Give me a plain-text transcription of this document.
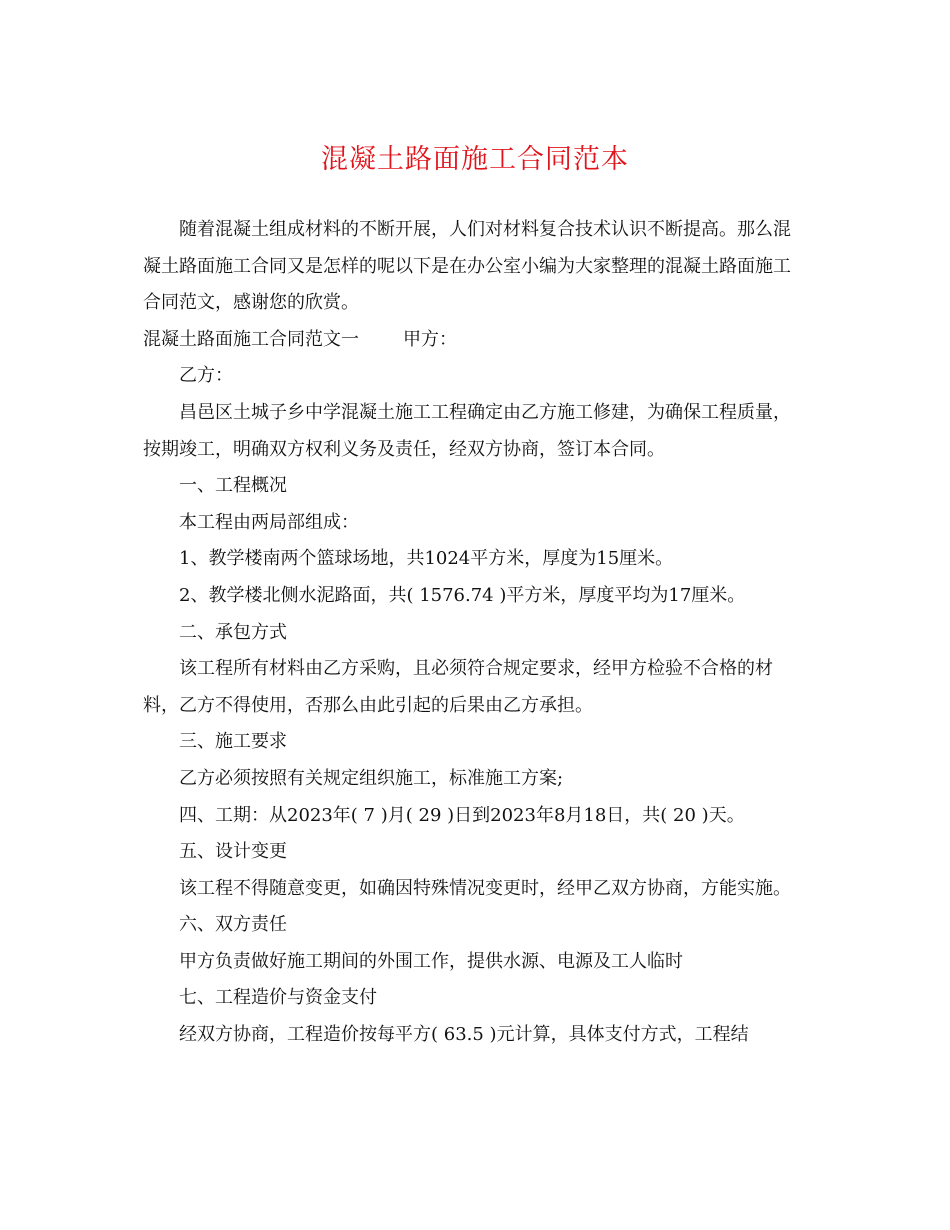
混凝土路面施工合同范本

随着混凝土组成材料的不断开展，人们对材料复合技术认识不断提高。那么混凝土路面施工合同又是怎样的呢以下是在办公室小编为大家整理的混凝土路面施工合同范文，感谢您的欣赏。

混凝土路面施工合同范文一 甲方：

乙方：

昌邑区土城子乡中学混凝土施工工程确定由乙方施工修建，为确保工程质量，按期竣工，明确双方权利义务及责任，经双方协商，签订本合同。

一、工程概况

本工程由两局部组成：

1、教学楼南两个篮球场地，共1024平方米，厚度为15厘米。

2、教学楼北侧水泥路面，共( 1576.74 )平方米，厚度平均为17厘米。

二、承包方式

该工程所有材料由乙方采购，且必须符合规定要求，经甲方检验不合格的材料，乙方不得使用，否那么由此引起的后果由乙方承担。

三、施工要求

乙方必须按照有关规定组织施工，标准施工方案;

四、工期：从2023年( 7 )月( 29 )日到2023年8月18日，共( 20 )天。

五、设计变更

该工程不得随意变更，如确因特殊情况变更时，经甲乙双方协商，方能实施。

六、双方责任

甲方负责做好施工期间的外围工作，提供水源、电源及工人临时

七、工程造价与资金支付

经双方协商，工程造价按每平方( 63.5 )元计算，具体支付方式，工程结
